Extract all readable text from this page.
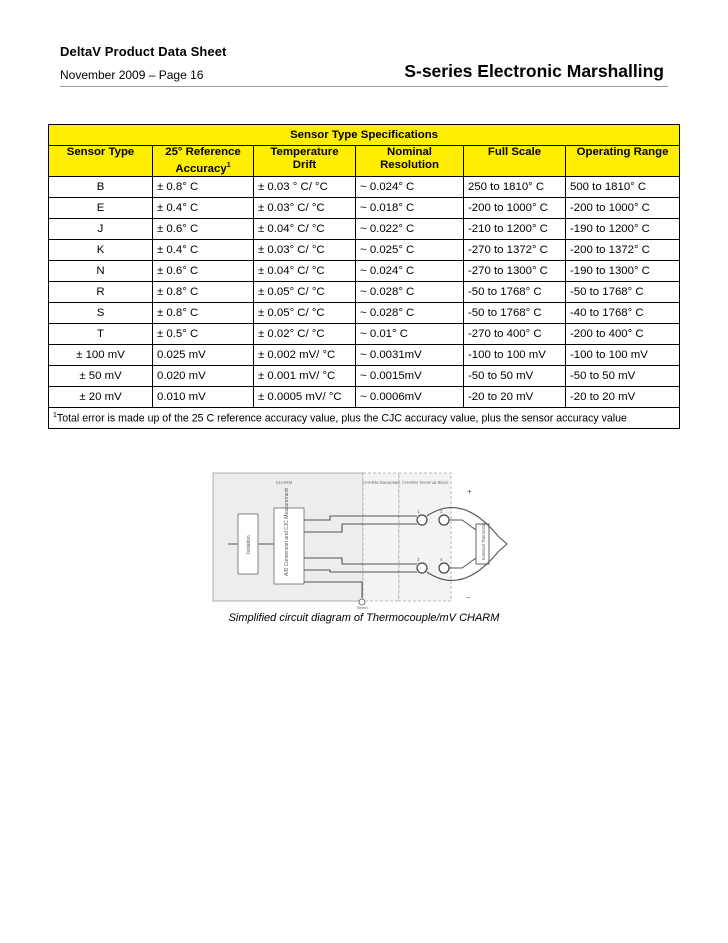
DeltaV Product Data Sheet
November 2009 – Page 16	S-series Electronic Marshalling
Sensor Type Specifications					
Sensor Type	25° Reference Accuracy$^1$	Temperature Drift	Nominal Resolution	Full Scale	Operating Range
B	± 0.8° C	± 0.03 ° C/ °C	~ 0.024° C	250 to 1810° C	500 to 1810° C
E	± 0.4° C	± 0.03° C/ °C	~ 0.018° C	-200 to 1000° C	-200 to 1000° C
J	± 0.6° C	± 0.04° C/ °C	~ 0.022° C	-210 to 1200° C	-190 to 1200° C
K	± 0.4° C	± 0.03° C/ °C	~ 0.025° C	-270 to 1372° C	-200 to 1372° C
N	± 0.6° C	± 0.04° C/ °C	~ 0.024° C	-270 to 1300° C	-190 to 1300° C
R	± 0.8° C	± 0.05° C/ °C	~ 0.028° C	-50 to 1768° C	-50 to 1768° C
S	± 0.8° C	± 0.05° C/ °C	~ 0.028° C	-50 to 1768° C	-40 to 1768° C
T	± 0.5° C	± 0.02° C/ °C	~ 0.01° C	-270 to 400° C	-200 to 400° C
± 100 mV	0.025 mV	± 0.002 mV/ °C	~ 0.0031mV	-100 to 100 mV	-100 to 100 mV
± 50 mV	0.020 mV	± 0.001 mV/ °C	~ 0.0015mV	-50 to 50 mV	-50 to 50 mV
± 20 mV	0.010 mV	± 0.0005 mV/ °C	~ 0.0006mV	-20 to 20 mV	-20 to 20 mV
$^1$Total error is made up of the 25 C reference accuracy value, plus the CJC accuracy value, plus the sensor accuracy value					
CHARM	CHARM Baseplate CHARM Terminal Block
Isolation	A/D Conversion and CJC Measurement	1	2
3	4	External Thermistor
+
−
Shield
Simplified circuit diagram of Thermocouple/mV CHARM
